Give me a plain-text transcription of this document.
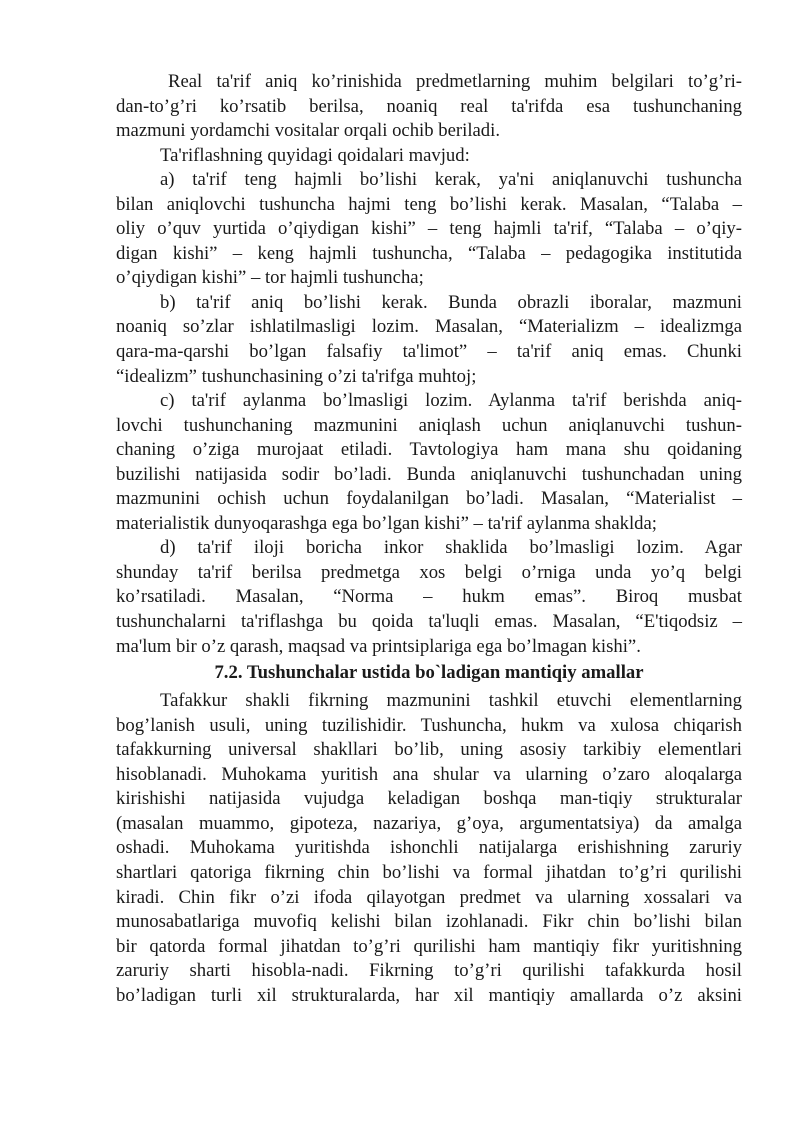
Real ta'rif aniq ko’rinishida predmetlarning muhim belgilari to’g’ri-
dan-to’g’ri ko’rsatib berilsa, noaniq real ta'rifda esa tushunchaning
mazmuni yordamchi vositalar orqali ochib beriladi.
Ta'riflashning quyidagi qoidalari mavjud:
a) ta'rif teng hajmli bo’lishi kerak, ya'ni aniqlanuvchi tushuncha
bilan aniqlovchi tushuncha hajmi teng bo’lishi kerak. Masalan, “Talaba –
oliy o’quv yurtida o’qiydigan kishi” – teng hajmli ta'rif, “Talaba – o’qiy-
digan kishi” – keng hajmli tushuncha, “Talaba – pedagogika institutida
o’qiydigan kishi” – tor hajmli tushuncha;
b) ta'rif aniq bo’lishi kerak. Bunda obrazli iboralar, mazmuni
noaniq so’zlar ishlatilmasligi lozim. Masalan, “Materializm – idealizmga
qara-ma-qarshi bo’lgan falsafiy ta'limot” – ta'rif aniq emas. Chunki
“idealizm” tushunchasining o’zi ta'rifga muhtoj;
c) ta'rif aylanma bo’lmasligi lozim. Aylanma ta'rif berishda aniq-
lovchi tushunchaning mazmunini aniqlash uchun aniqlanuvchi tushun-
chaning o’ziga murojaat etiladi. Tavtologiya ham mana shu qoidaning
buzilishi natijasida sodir bo’ladi. Bunda aniqlanuvchi tushunchadan uning
mazmunini ochish uchun foydalanilgan bo’ladi. Masalan, “Materialist –
materialistik dunyoqarashga ega bo’lgan kishi” – ta'rif aylanma shaklda;
d) ta'rif iloji boricha inkor shaklida bo’lmasligi lozim. Agar
shunday ta'rif berilsa predmetga xos belgi o’rniga unda yo’q belgi
ko’rsatiladi. Masalan, “Norma – hukm emas”. Biroq musbat
tushunchalarni ta'riflashga bu qoida ta'luqli emas. Masalan, “E'tiqodsiz –
ma'lum bir o’z qarash, maqsad va printsiplariga ega bo’lmagan kishi”.
7.2. Tushunchalar ustida bo`ladigan mantiqiy amallar
Tafakkur shakli fikrning mazmunini tashkil etuvchi elementlarning
bog’lanish usuli, uning tuzilishidir. Tushuncha, hukm va xulosa chiqarish
tafakkurning universal shakllari bo’lib, uning asosiy tarkibiy elementlari
hisoblanadi. Muhokama yuritish ana shular va ularning o’zaro aloqalarga
kirishishi natijasida vujudga keladigan boshqa man-tiqiy strukturalar
(masalan muammo, gipoteza, nazariya, g’oya, argumentatsiya) da amalga
oshadi. Muhokama yuritishda ishonchli natijalarga erishishning zaruriy
shartlari qatoriga fikrning chin bo’lishi va formal jihatdan to’g’ri qurilishi
kiradi. Chin fikr o’zi ifoda qilayotgan predmet va ularning xossalari va
munosabatlariga muvofiq kelishi bilan izohlanadi. Fikr chin bo’lishi bilan
bir qatorda formal jihatdan to’g’ri qurilishi ham mantiqiy fikr yuritishning
zaruriy sharti hisobla-nadi. Fikrning to’g’ri qurilishi tafakkurda hosil
bo’ladigan turli xil strukturalarda, har xil mantiqiy amallarda o’z aksini
